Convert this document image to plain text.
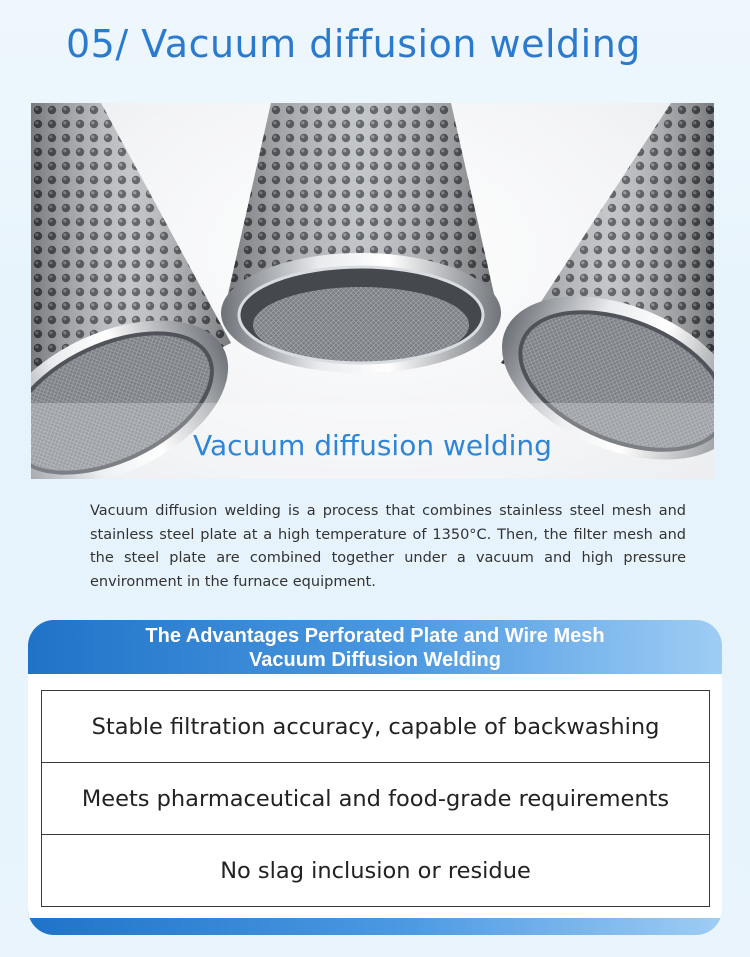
05/ Vacuum diffusion welding
Vacuum diffusion welding

Vacuum diffusion welding is a process that combines stainless steel mesh and stainless steel plate at a high temperature of 1350°C. Then, the filter mesh and the steel plate are combined together under a vacuum and high pressure environment in the furnace equipment.

The Advantages Perforated Plate and Wire Mesh
Vacuum Diffusion Welding
Stable filtration accuracy, capable of backwashing
Meets pharmaceutical and food-grade requirements
No slag inclusion or residue
